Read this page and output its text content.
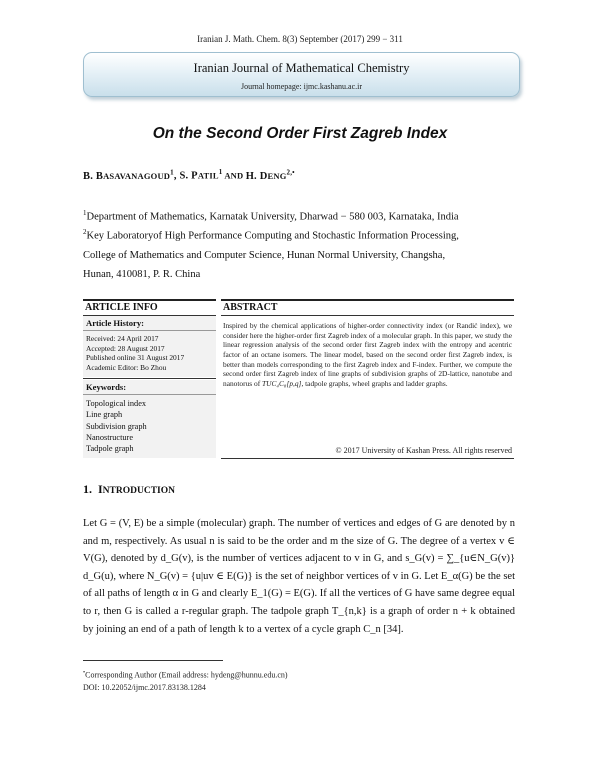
Iranian J. Math. Chem. 8(3) September (2017) 299 − 311
Iranian Journal of Mathematical Chemistry
Journal homepage: ijmc.kashanu.ac.ir
On the Second Order First Zagreb Index
B. BASAVANAGOUD$^1$, S. PATIL$^1$ AND H. $DENG^{2,•}$
$^1$Department of Mathematics, Karnatak University, Dharwad − 580 003, Karnataka, India
$^2$Key Laboratoryof High Performance Computing and Stochastic Information Processing,
College of Mathematics and Computer Science, Hunan Normal University, Changsha,
Hunan, 410081, P. R. China
ARTICLE INFO
Article History:
Received: 24 April 2017
Accepted: 28 August 2017
Published online 31 August 2017
Academic Editor: Bo Zhou
Keywords:
Topological index
Line graph
Subdivision graph
Nanostructure
Tadpole graph
ABSTRACT
Inspired by the chemical applications of higher-order connectivity index (or Randić index), we consider here the higher-order first Zagreb index of a molecular graph. In this paper, we study the linear regression analysis of the second order first Zagreb index with the entropy and acentric factor of an octane isomers. The linear model, based on the second order first Zagreb index, is better than models corresponding to the first Zagreb index and F-index. Further, we compute the second order first Zagreb index of line graphs of subdivision graphs of 2D-lattice, nanotube and nanotorus of TUC₄C₈[p,q], tadpole graphs, wheel graphs and ladder graphs.
© 2017 University of Kashan Press. All rights reserved
1. INTRODUCTION
Let G = (V, E) be a simple (molecular) graph. The number of vertices and edges of G are denoted by n and m, respectively. As usual n is said to be the order and m the size of G. The degree of a vertex v ∈ V(G), denoted by d_G(v), is the number of vertices adjacent to v in G, and s_G(v) = ∑_{u∈N_G(v)} d_G(u), where N_G(v) = {u|uv ∈ E(G)} is the set of neighbor vertices of v in G. Let E_α(G) be the set of all paths of length α in G and clearly E_1(G) = E(G). If all the vertices of G have same degree equal to r, then G is called a r-regular graph. The tadpole graph T_{n,k} is a graph of order n + k obtained by joining an end of a path of length k to a vertex of a cycle graph C_n [34].
•Corresponding Author (Email address: hydeng@hunnu.edu.cn)
DOI: 10.22052/ijmc.2017.83138.1284
